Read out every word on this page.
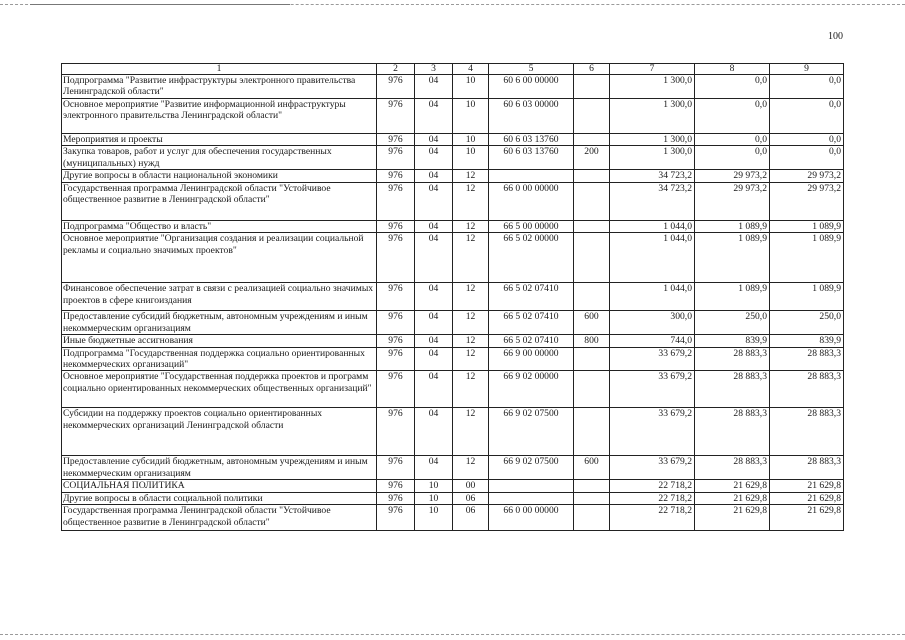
100
1	2	3	4	5	6	7	8	9
Подпрограмма "Развитие инфраструктуры электронного правительства Ленинградской области"	976	04	10	60 6 00 00000		1 300,0	0,0	0,0
Основное мероприятие "Развитие информационной инфраструктуры электронного правительства Ленинградской области"	976	04	10	60 6 03 00000		1 300,0	0,0	0,0
Мероприятия и проекты	976	04	10	60 6 03 13760		1 300,0	0,0	0,0
Закупка товаров, работ и услуг для обеспечения государственных (муниципальных) нужд	976	04	10	60 6 03 13760	200	1 300,0	0,0	0,0
Другие вопросы в области национальной экономики	976	04	12			34 723,2	29 973,2	29 973,2
Государственная программа Ленинградской области "Устойчивое общественное развитие в Ленинградской области"	976	04	12	66 0 00 00000		34 723,2	29 973,2	29 973,2
Подпрограмма "Общество и власть"	976	04	12	66 5 00 00000		1 044,0	1 089,9	1 089,9
Основное мероприятие "Организация создания и реализации социальной рекламы и социально значимых проектов"	976	04	12	66 5 02 00000		1 044,0	1 089,9	1 089,9
Финансовое обеспечение затрат в связи с реализацией социально значимых проектов в сфере книгоиздания	976	04	12	66 5 02 07410		1 044,0	1 089,9	1 089,9
Предоставление субсидий бюджетным, автономным учреждениям и иным некоммерческим организациям	976	04	12	66 5 02 07410	600	300,0	250,0	250,0
Иные бюджетные ассигнования	976	04	12	66 5 02 07410	800	744,0	839,9	839,9
Подпрограмма "Государственная поддержка социально ориентированных некоммерческих организаций"	976	04	12	66 9 00 00000		33 679,2	28 883,3	28 883,3
Основное мероприятие "Государственная поддержка проектов и программ социально ориентированных некоммерческих общественных организаций"	976	04	12	66 9 02 00000		33 679,2	28 883,3	28 883,3
Субсидии на поддержку проектов социально ориентированных некоммерческих организаций Ленинградской области	976	04	12	66 9 02 07500		33 679,2	28 883,3	28 883,3
Предоставление субсидий бюджетным, автономным учреждениям и иным некоммерческим организациям	976	04	12	66 9 02 07500	600	33 679,2	28 883,3	28 883,3
СОЦИАЛЬНАЯ ПОЛИТИКА	976	10	00			22 718,2	21 629,8	21 629,8
Другие вопросы в области социальной политики	976	10	06			22 718,2	21 629,8	21 629,8
Государственная программа Ленинградской области "Устойчивое общественное развитие в Ленинградской области"	976	10	06	66 0 00 00000		22 718,2	21 629,8	21 629,8
